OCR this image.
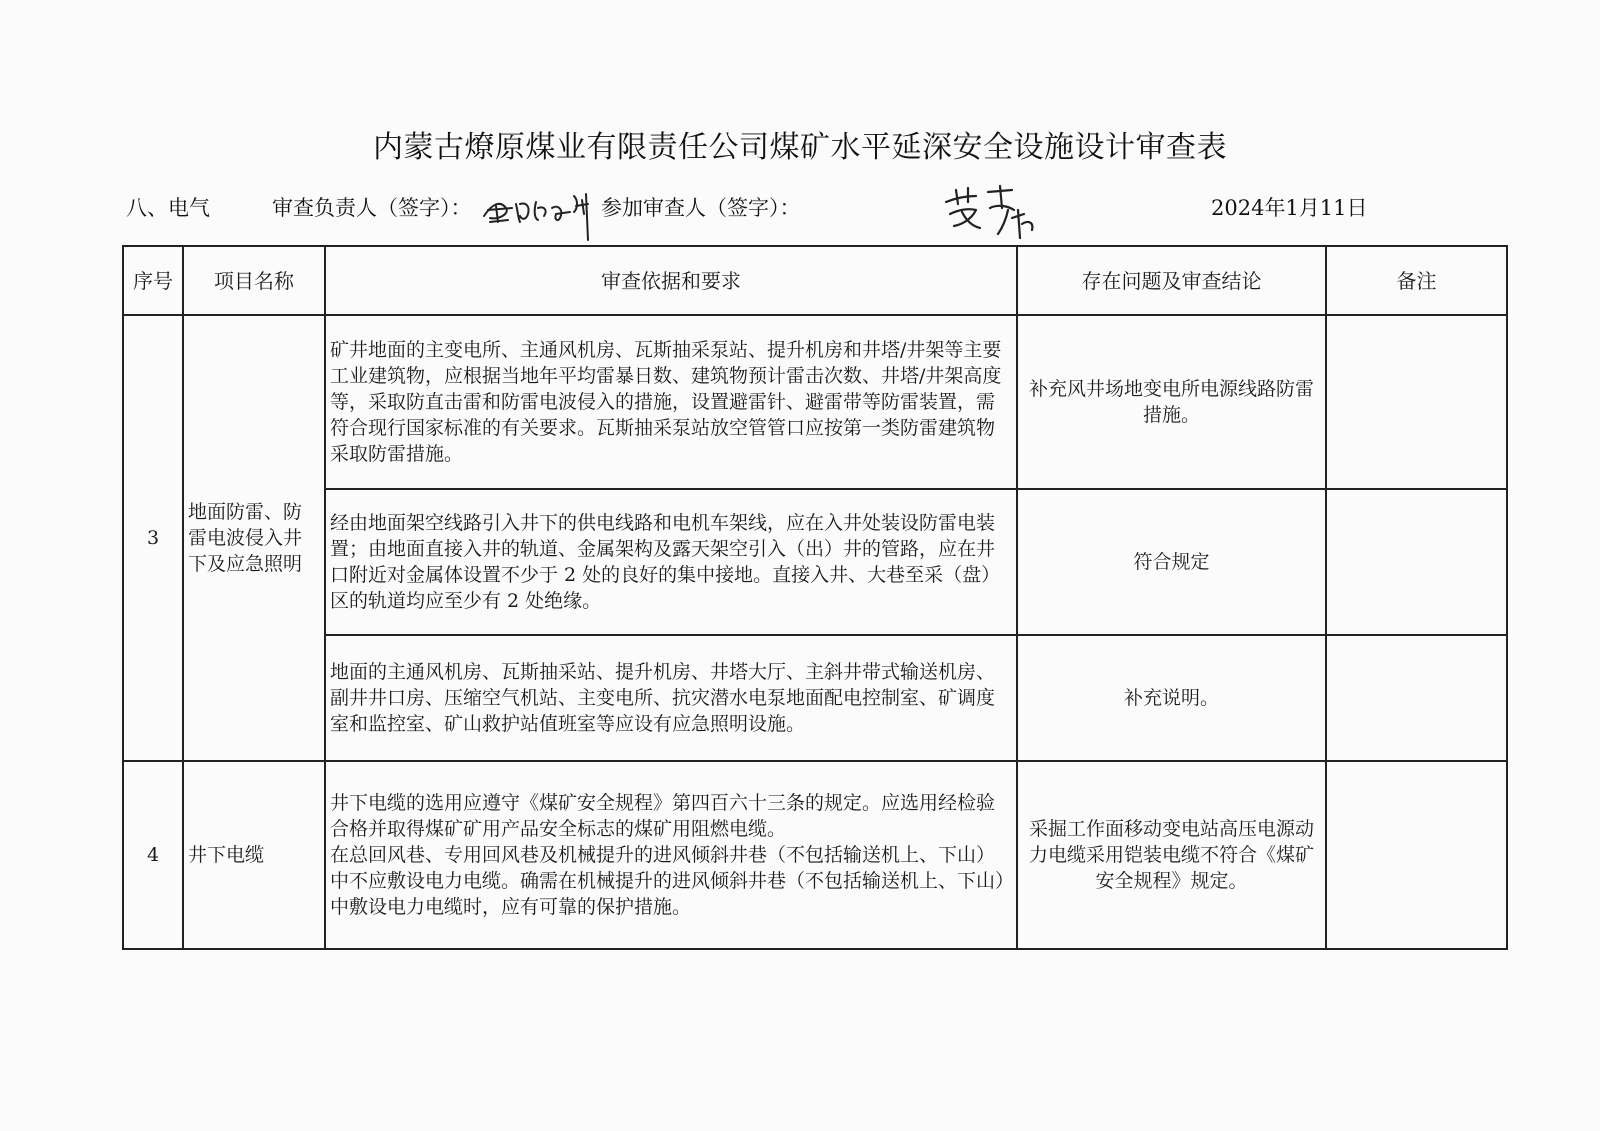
内蒙古燎原煤业有限责任公司煤矿水平延深安全设施设计审查表
八、电气	审查负责人（签字）：	参加审查人（签字）：	2024年1月11日
序号	项目名称	审查依据和要求	存在问题及审查结论	备注
3	地面防雷、防雷电波侵入井下及应急照明	矿井地面的主变电所、主通风机房、瓦斯抽采泵站、提升机房和井塔/井架等主要工业建筑物，应根据当地年平均雷暴日数、建筑物预计雷击次数、井塔/井架高度等，采取防直击雷和防雷电波侵入的措施，设置避雷针、避雷带等防雷装置，需符合现行国家标准的有关要求。瓦斯抽采泵站放空管管口应按第一类防雷建筑物采取防雷措施。	补充风井场地变电所电源线路防雷措施。	
		经由地面架空线路引入井下的供电线路和电机车架线，应在入井处装设防雷电装置；由地面直接入井的轨道、金属架构及露天架空引入（出）井的管路，应在井口附近对金属体设置不少于 2 处的良好的集中接地。直接入井、大巷至采（盘）区的轨道均应至少有 2 处绝缘。	符合规定	
		地面的主通风机房、瓦斯抽采站、提升机房、井塔大厅、主斜井带式输送机房、副井井口房、压缩空气机站、主变电所、抗灾潜水电泵地面配电控制室、矿调度室和监控室、矿山救护站值班室等应设有应急照明设施。	补充说明。	
4	井下电缆	井下电缆的选用应遵守《煤矿安全规程》第四百六十三条的规定。应选用经检验合格并取得煤矿矿用产品安全标志的煤矿用阻燃电缆。
在总回风巷、专用回风巷及机械提升的进风倾斜井巷（不包括输送机上、下山）中不应敷设电力电缆。确需在机械提升的进风倾斜井巷（不包括输送机上、下山）中敷设电力电缆时，应有可靠的保护措施。	采掘工作面移动变电站高压电源动力电缆采用铠装电缆不符合《煤矿安全规程》规定。	
